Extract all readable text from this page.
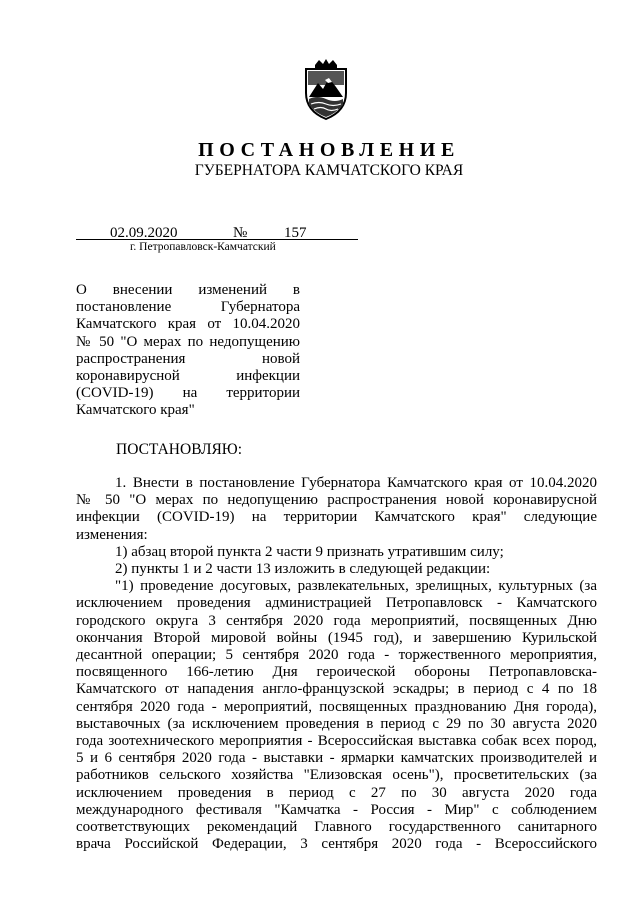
ПОСТАНОВЛЕНИЕ
ГУБЕРНАТОРА КАМЧАТСКОГО КРАЯ
02.09.2020	№ 157
г. Петропавловск-Камчатский
О внесении изменений в
постановление Губернатора
Камчатского края от 10.04.2020
№ 50 "О мерах по недопущению
распространения новой
коронавирусной инфекции
(COVID-19) на территории
Камчатского края"
ПОСТАНОВЛЯЮ:
1. Внести в постановление Губернатора Камчатского края от 10.04.2020
№ 50 "О мерах по недопущению распространения новой коронавирусной
инфекции (COVID-19) на территории Камчатского края" следующие
изменения:
1) абзац второй пункта 2 части 9 признать утратившим силу;
2) пункты 1 и 2 части 13 изложить в следующей редакции:
"1) проведение досуговых, развлекательных, зрелищных, культурных (за
исключением проведения администрацией Петропавловск - Камчатского
городского округа 3 сентября 2020 года мероприятий, посвященных Дню
окончания Второй мировой войны (1945 год), и завершению Курильской
десантной операции; 5 сентября 2020 года - торжественного мероприятия,
посвященного 166-летию Дня героической обороны Петропавловска-
Камчатского от нападения англо-французской эскадры; в период с 4 по 18
сентября 2020 года - мероприятий, посвященных празднованию Дня города),
выставочных (за исключением проведения в период с 29 по 30 августа 2020
года зоотехнического мероприятия - Всероссийская выставка собак всех пород,
5 и 6 сентября 2020 года - выставки - ярмарки камчатских производителей и
работников сельского хозяйства "Елизовская осень"), просветительских (за
исключением проведения в период с 27 по 30 августа 2020 года
международного фестиваля "Камчатка - Россия - Мир" с соблюдением
соответствующих рекомендаций Главного государственного санитарного
врача Российской Федерации, 3 сентября 2020 года - Всероссийского
